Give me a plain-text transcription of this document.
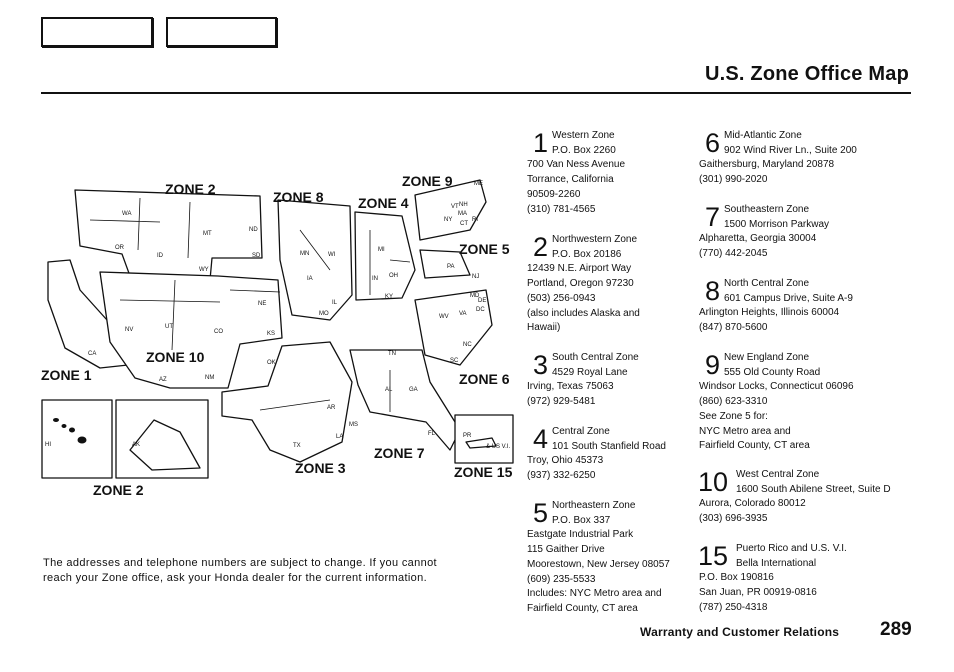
U.S. Zone Office Map
ZONE 2	ZONE 8
ZONE 9
ZONE 4
ZONE 5
ZONE 10
ZONE 1	ZONE 6
ZONE 3
ZONE 7
ZONE 15
ZONE 2
WA
MT
ND
OR
ID	SD
WY
MN	WI
MI
IA
IL
IN OH
NE
NV	UT
CO	KS
MO
KY
CA
AZ	NM
OK
TX
AR
TN
LA
MS
AL	GA
SC
NC
VA
WV
PA
NY
VT NH
ME
MA
CT
RI
NJ
DE
MD
DC
FL
HI	AK
PR
& US V.I.
The addresses and telephone numbers are subject to change. If you cannot
reach your Zone office, ask your Honda dealer for the current information.
1 Western Zone
P.O. Box 2260
700 Van Ness Avenue
Torrance, California
90509-2260
(310) 781-4565
2 Northwestern Zone
P.O. Box 20186
12439 N.E. Airport Way
Portland, Oregon 97230
(503) 256-0943
(also includes Alaska and
Hawaii)
3 South Central Zone
4529 Royal Lane
Irving, Texas 75063
(972) 929-5481
4 Central Zone
101 South Stanfield Road
Troy, Ohio 45373
(937) 332-6250
5 Northeastern Zone
P.O. Box 337
Eastgate Industrial Park
115 Gaither Drive
Moorestown, New Jersey 08057
(609) 235-5533
Includes: NYC Metro area and
Fairfield County, CT area
6 Mid-Atlantic Zone
902 Wind River Ln., Suite 200
Gaithersburg, Maryland 20878
(301) 990-2020
7 Southeastern Zone
1500 Morrison Parkway
Alpharetta, Georgia 30004
(770) 442-2045
8 North Central Zone
601 Campus Drive, Suite A-9
Arlington Heights, Illinois 60004
(847) 870-5600
9 New England Zone
555 Old County Road
Windsor Locks, Connecticut 06096
(860) 623-3310
See Zone 5 for:
NYC Metro area and
Fairfield County, CT area
10 West Central Zone
1600 South Abilene Street, Suite D
Aurora, Colorado 80012
(303) 696-3935
15 Puerto Rico and U.S. V.I.
Bella International
P.O. Box 190816
San Juan, PR 00919-0816
(787) 250-4318
Warranty and Customer Relations 289
